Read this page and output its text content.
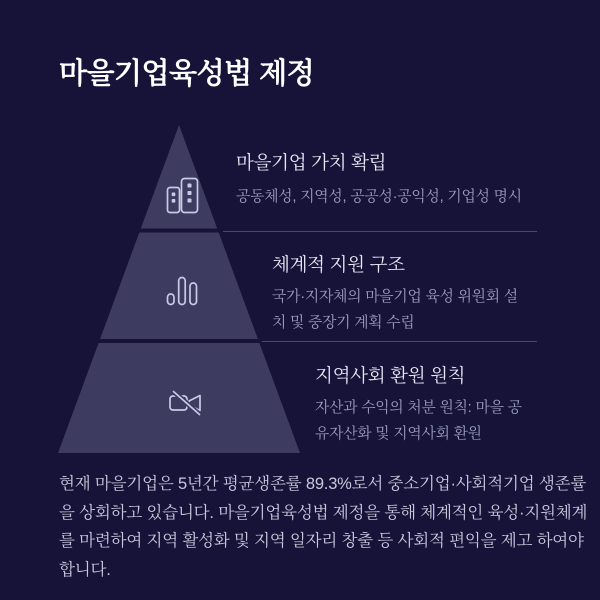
마을기업육성법 제정
마을기업 가치 확립
공동체성, 지역성, 공공성·공익성, 기업성 명시
체계적 지원 구조
국가·지자체의 마을기업 육성 위원회 설
치 및 중장기 계획 수립
지역사회 환원 원칙
자산과 수익의 처분 원칙: 마을 공
유자산화 및 지역사회 환원
현재 마을기업은 5년간 평균생존률 89.3%로서 중소기업·사회적기업 생존률
을 상회하고 있습니다. 마을기업육성법 제정을 통해 체계적인 육성·지원체계
를 마련하여 지역 활성화 및 지역 일자리 창출 등 사회적 편익을 제고 하여야
합니다.
